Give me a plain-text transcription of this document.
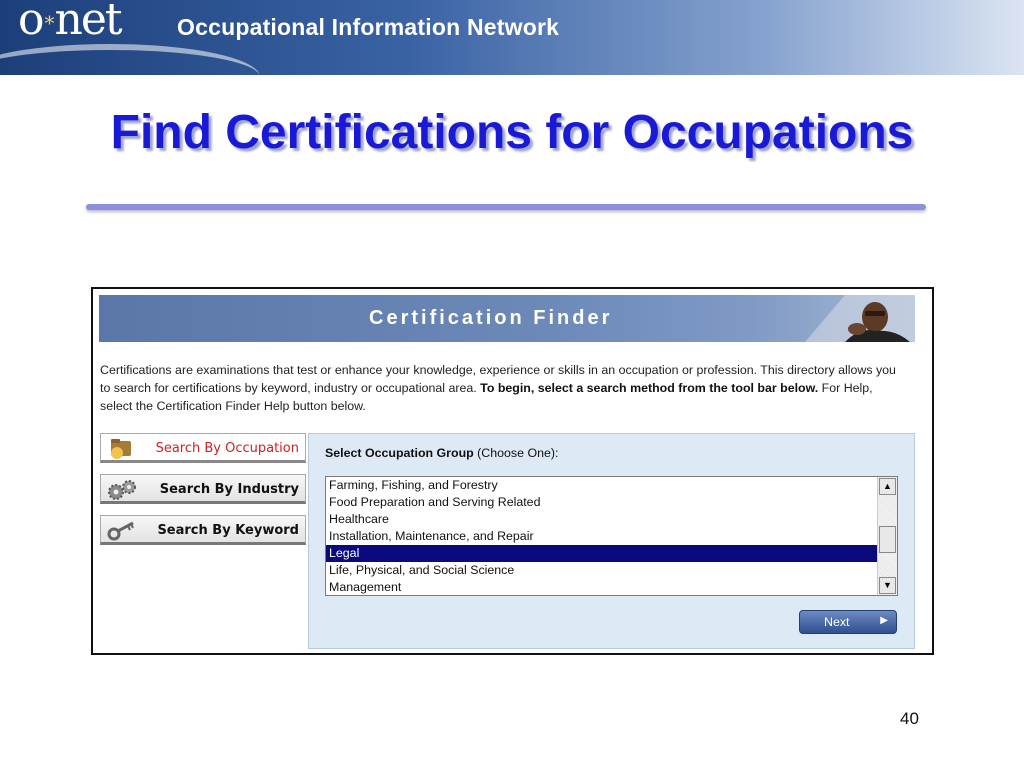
o *net Occupational Information Network
Find Certifications for Occupations
Certification Finder
Certifications are examinations that test or enhance your knowledge, experience or skills in an occupation or profession. This directory allows you to search for certifications by keyword, industry or occupational area. To begin, select a search method from the tool bar below. For Help, select the Certification Finder Help button below.
Search By Occupation
Search By Industry
Search By Keyword
Select Occupation Group (Choose One):
Farming, Fishing, and Forestry
Food Preparation and Serving Related
Healthcare
Installation, Maintenance, and Repair
Legal
Life, Physical, and Social Science
Management
▲
▼
Next	▶
40
